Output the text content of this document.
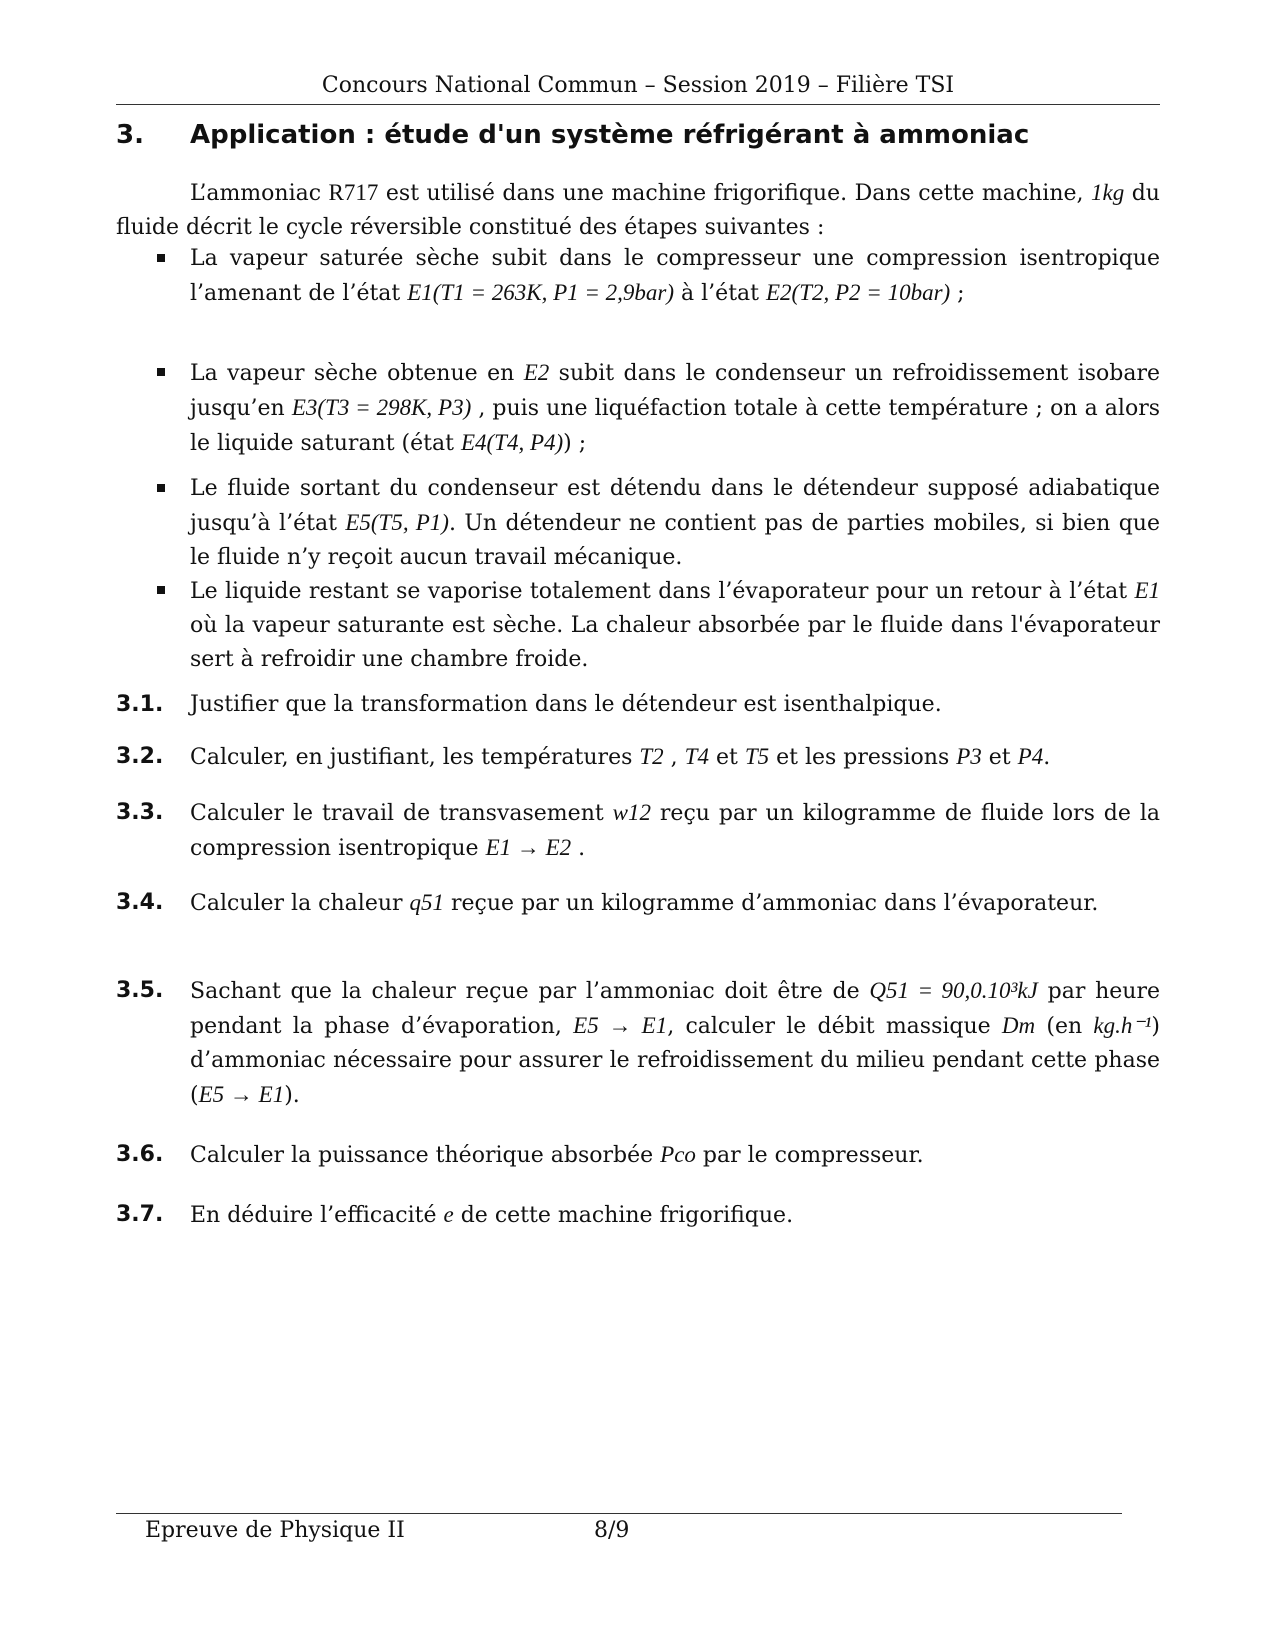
Concours National Commun – Session 2019 – Filière TSI
3. Application : étude d'un système réfrigérant à ammoniac
L’ammoniac R717 est utilisé dans une machine frigorifique. Dans cette machine, 1kg du fluide décrit le cycle réversible constitué des étapes suivantes :
La vapeur saturée sèche subit dans le compresseur une compression isentropique l’amenant de l’état E1(T1 = 263K, P1 = 2,9bar) à l’état E2(T2, P2 = 10bar) ;
La vapeur sèche obtenue en E2 subit dans le condenseur un refroidissement isobare jusqu’en E3(T3 = 298K, P3) , puis une liquéfaction totale à cette température ; on a alors le liquide saturant (état E4(T4, P4)) ;
Le fluide sortant du condenseur est détendu dans le détendeur supposé adiabatique jusqu’à l’état E5(T5, P1). Un détendeur ne contient pas de parties mobiles, si bien que le fluide n’y reçoit aucun travail mécanique.
Le liquide restant se vaporise totalement dans l’évaporateur pour un retour à l’état E1 où la vapeur saturante est sèche. La chaleur absorbée par le fluide dans l'évaporateur sert à refroidir une chambre froide.
3.1. Justifier que la transformation dans le détendeur est isenthalpique.
3.2. Calculer, en justifiant, les températures T2 , T4 et T5 et les pressions P3 et P4.
3.3. Calculer le travail de transvasement w12 reçu par un kilogramme de fluide lors de la compression isentropique E1 → E2 .
3.4. Calculer la chaleur q51 reçue par un kilogramme d’ammoniac dans l’évaporateur.
3.5. Sachant que la chaleur reçue par l’ammoniac doit être de Q51 = 90,0.10³kJ par heure pendant la phase d’évaporation, E5 → E1, calculer le débit massique Dm (en kg.h⁻¹) d’ammoniac nécessaire pour assurer le refroidissement du milieu pendant cette phase (E5 → E1).
3.6. Calculer la puissance théorique absorbée Pco par le compresseur.
3.7. En déduire l’efficacité e de cette machine frigorifique.
Epreuve de Physique II	8/9
